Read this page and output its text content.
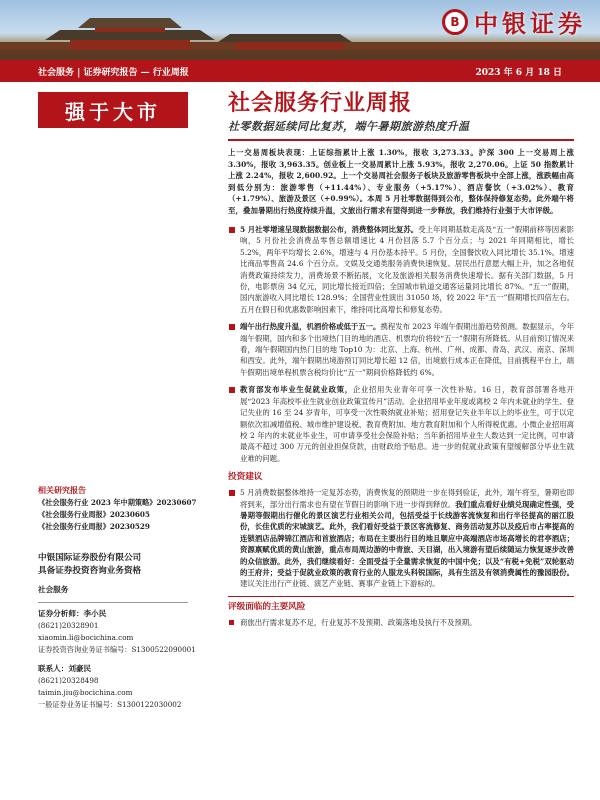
B 中银证券
社会服务 | 证券研究报告 — 行业周报	2023 年 6 月 18 日
强于大市
相关研究报告
《社会服务行业 2023 年中期策略》20230607
《社会服务行业周报》20230605
《社会服务行业周报》20230529
中银国际证券股份有限公司
具备证券投资咨询业务资格
社会服务
证券分析师：李小民
(8621)20328901
xiaomin.li@bocichina.com
证券投资咨询业务证书编号：S1300522090001
联系人：刘豪民
(8621)20328498
taimin.jiu@bocichina.com
一般证券业务证书编号：S1300122030002
社会服务行业周报
社零数据延续同比复苏，端午暑期旅游热度升温
上一交易周板块表现：上证综指累计上涨 1.30%，报收 3,273.33。沪深 300 上一交易周上涨 3.30%，报收 3,963.35。创业板上一交易周累计上涨 5.93%，报收 2,270.06。上证 50 指数累计上涨 2.24%，报收 2,600.92。上一个交易周社会服务子板块及旅游零售板块中全部上涨，涨跌幅由高到低分别为：旅游零售（+11.44%）、专业服务（+5.17%）、酒店餐饮（+3.02%）、教育（+1.79%）、旅游及景区（+0.99%）。本周 5 月社零数据得到公布，整体保持修复态势。此外端午将至，叠加暑期出行热度持续升温，文旅出行需求有望得到进一步释放，我们维持行业强于大市评级。
5 月社零增速呈现数据数据公布，消费整体同比复苏。受上年同期基数走高及“五一”假期前移等因素影响，5 月份社会消费品零售总额增速比 4 月份回落 5.7 个百分点；与 2021 年同期相比，增长 5.2%，两年平均增长 2.6%，增速与 4 月份基本持平。5 月份，全国餐饮收入同比增长 35.1%。增速比商品零售高 24.6 个百分点。文娱及交通类服务消费快速恢复。居民出行意愿大幅上升，加之各地促消费政策持续发力，消费场景不断拓展，文化及旅游相关服务消费快速增长。据有关部门数据，5 月份，电影票房 34 亿元，同比增长接近四倍；全国城市轨道交通客运量同比增长 87%。“五一”假期，国内旅游收入同比增长 128.9%；全国营业性演出 31050 场，较 2022 年“五一”假期增长四倍左右。五月在假日和优惠数影响因素下，维持同比高增长和修复态势。
端午出行热度升温，机酒价格或低于五一。携程发布 2023 年端午假期出游趋势预测。数据显示，今年端午假期，国内和多个出境热门目的地的酒店、机票均价将较“五一”假期有所降低。从目前预订情况来看，端午假期国内热门目的地 Top10 为：北京、上海、杭州、广州、成都、青岛、武汉、南京、深圳和西安。此外，端午假期出境游预订同比增长超 12 倍，出境旅行成本正在降低，目前携程平台上，端午假期出境单程机票含税均价比“五一”期间价格降低约 6%。
教育部发布毕业生促就业政策，企业招用失业青年可享一次性补贴。16 日，教育部部署各地开展“2023 年高校毕业生就业创业政策宣传月”活动。企业招用毕业年度或离校 2 年内未就业的学生、登记失业的 16 至 24 岁青年，可享受一次性吸纳就业补贴；招用登记失业半年以上的毕业生，可于以定额依次扣减增值税、城市维护建设税、教育费附加、地方教育附加和个人所得税优惠。小微企业招用离校 2 年内的未就业毕业生，可申请享受社会保险补贴；当年新招用毕业生人数达到一定比例，可申请最高不超过 300 万元的创业担保贷款，由财政给予贴息。进一步的促就业政策有望缓解部分毕业生就业难的问题。
投资建议
5 月消费数据整体维持一定复苏态势，消费恢复的预期进一步在得到验证，此外，端午将至，暑期也即将到来，部分出行需求也有望在节假日的影响下进一步得到释放。我们重点看好业绩兑现确定性强，受暑期等假期出行催化的景区演艺行业相关公司，包括受益于长线游客流恢复和出行半径提高的丽江股份，长佳优质的宋城演艺。此外，我们看好受益于景区客流修复、商务活动复苏以及疫后市占率提高的连锁酒店品牌锦江酒店和首旅酒店；布局在主要出行目的地且顺应中高端酒店市场高增长的君亭酒店；资源禀赋优质的黄山旅游，重点布局周边游的中青旅、天目湖，出入境游有望后续随运力恢复逐步改善的众信旅游。此外，我们继续看好：全面受益于全量需求恢复的中国中免；以及“有税+免税”双轮驱动的王府井；受益于促就业政策的教育行业的人服龙头科锐国际，具有生活及有领消费属性的豫园股份。建议关注出行产业链、演艺产业链、赛事产业链上下游标的。
评级面临的主要风险
商旅出行需求复苏不足，行业复苏不及预期、政策落地及执行不及预期。
